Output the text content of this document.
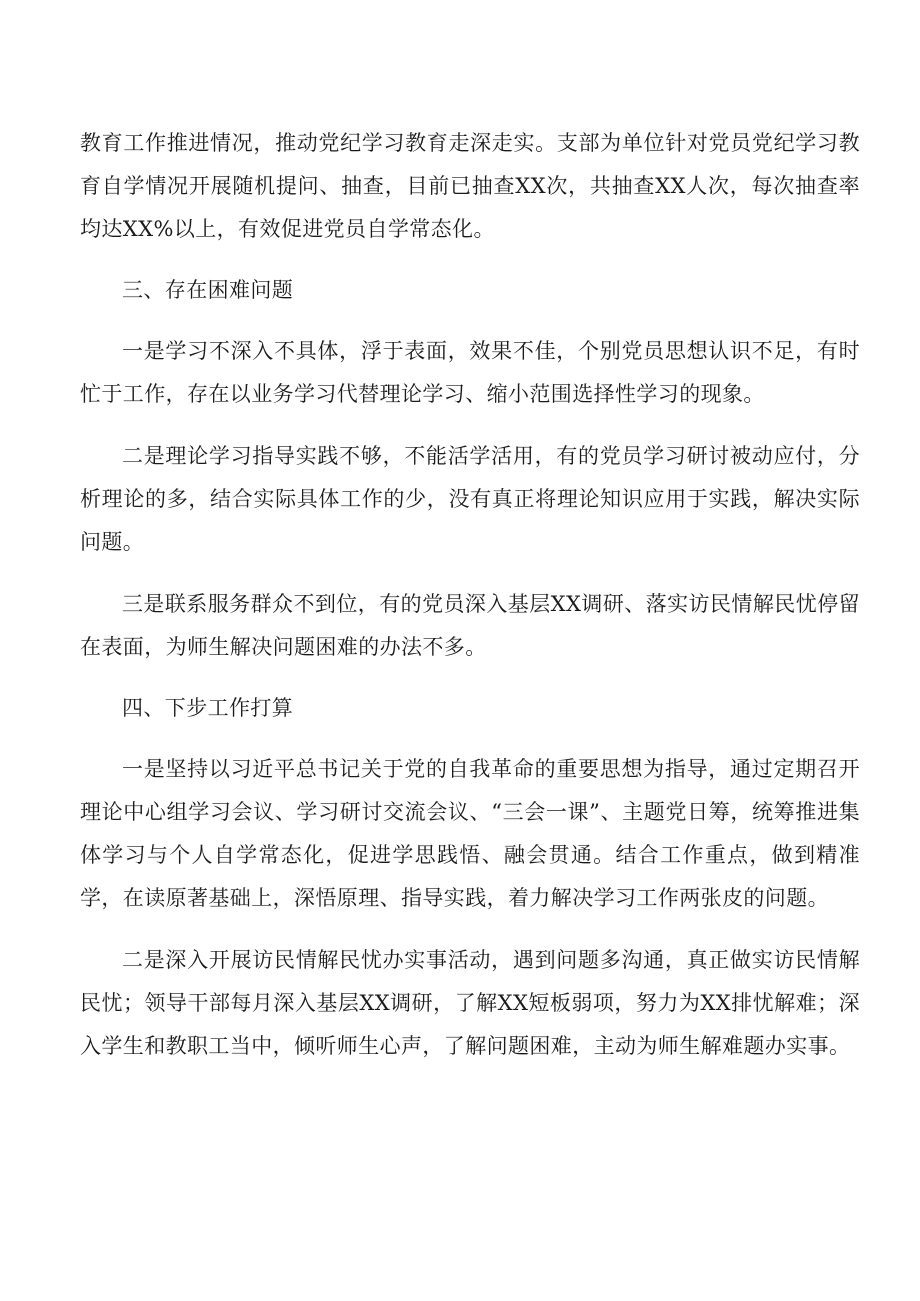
教育工作推进情况，推动党纪学习教育走深走实。支部为单位针对党员党纪学习教育自学情况开展随机提问、抽查，目前已抽查XX次，共抽查XX人次，每次抽查率均达XX%以上，有效促进党员自学常态化。

三、存在困难问题

一是学习不深入不具体，浮于表面，效果不佳，个别党员思想认识不足，有时忙于工作，存在以业务学习代替理论学习、缩小范围选择性学习的现象。

二是理论学习指导实践不够，不能活学活用，有的党员学习研讨被动应付，分析理论的多，结合实际具体工作的少，没有真正将理论知识应用于实践，解决实际问题。

三是联系服务群众不到位，有的党员深入基层XX调研、落实访民情解民忧停留在表面，为师生解决问题困难的办法不多。

四、下步工作打算

一是坚持以习近平总书记关于党的自我革命的重要思想为指导，通过定期召开理论中心组学习会议、学习研讨交流会议、“三会一课”、主题党日筹，统筹推进集体学习与个人自学常态化，促进学思践悟、融会贯通。结合工作重点，做到精准学，在读原著基础上，深悟原理、指导实践，着力解决学习工作两张皮的问题。

二是深入开展访民情解民忧办实事活动，遇到问题多沟通，真正做实访民情解民忧；领导干部每月深入基层XX调研，了解XX短板弱项，努力为XX排忧解难；深入学生和教职工当中，倾听师生心声，了解问题困难，主动为师生解难题办实事。
